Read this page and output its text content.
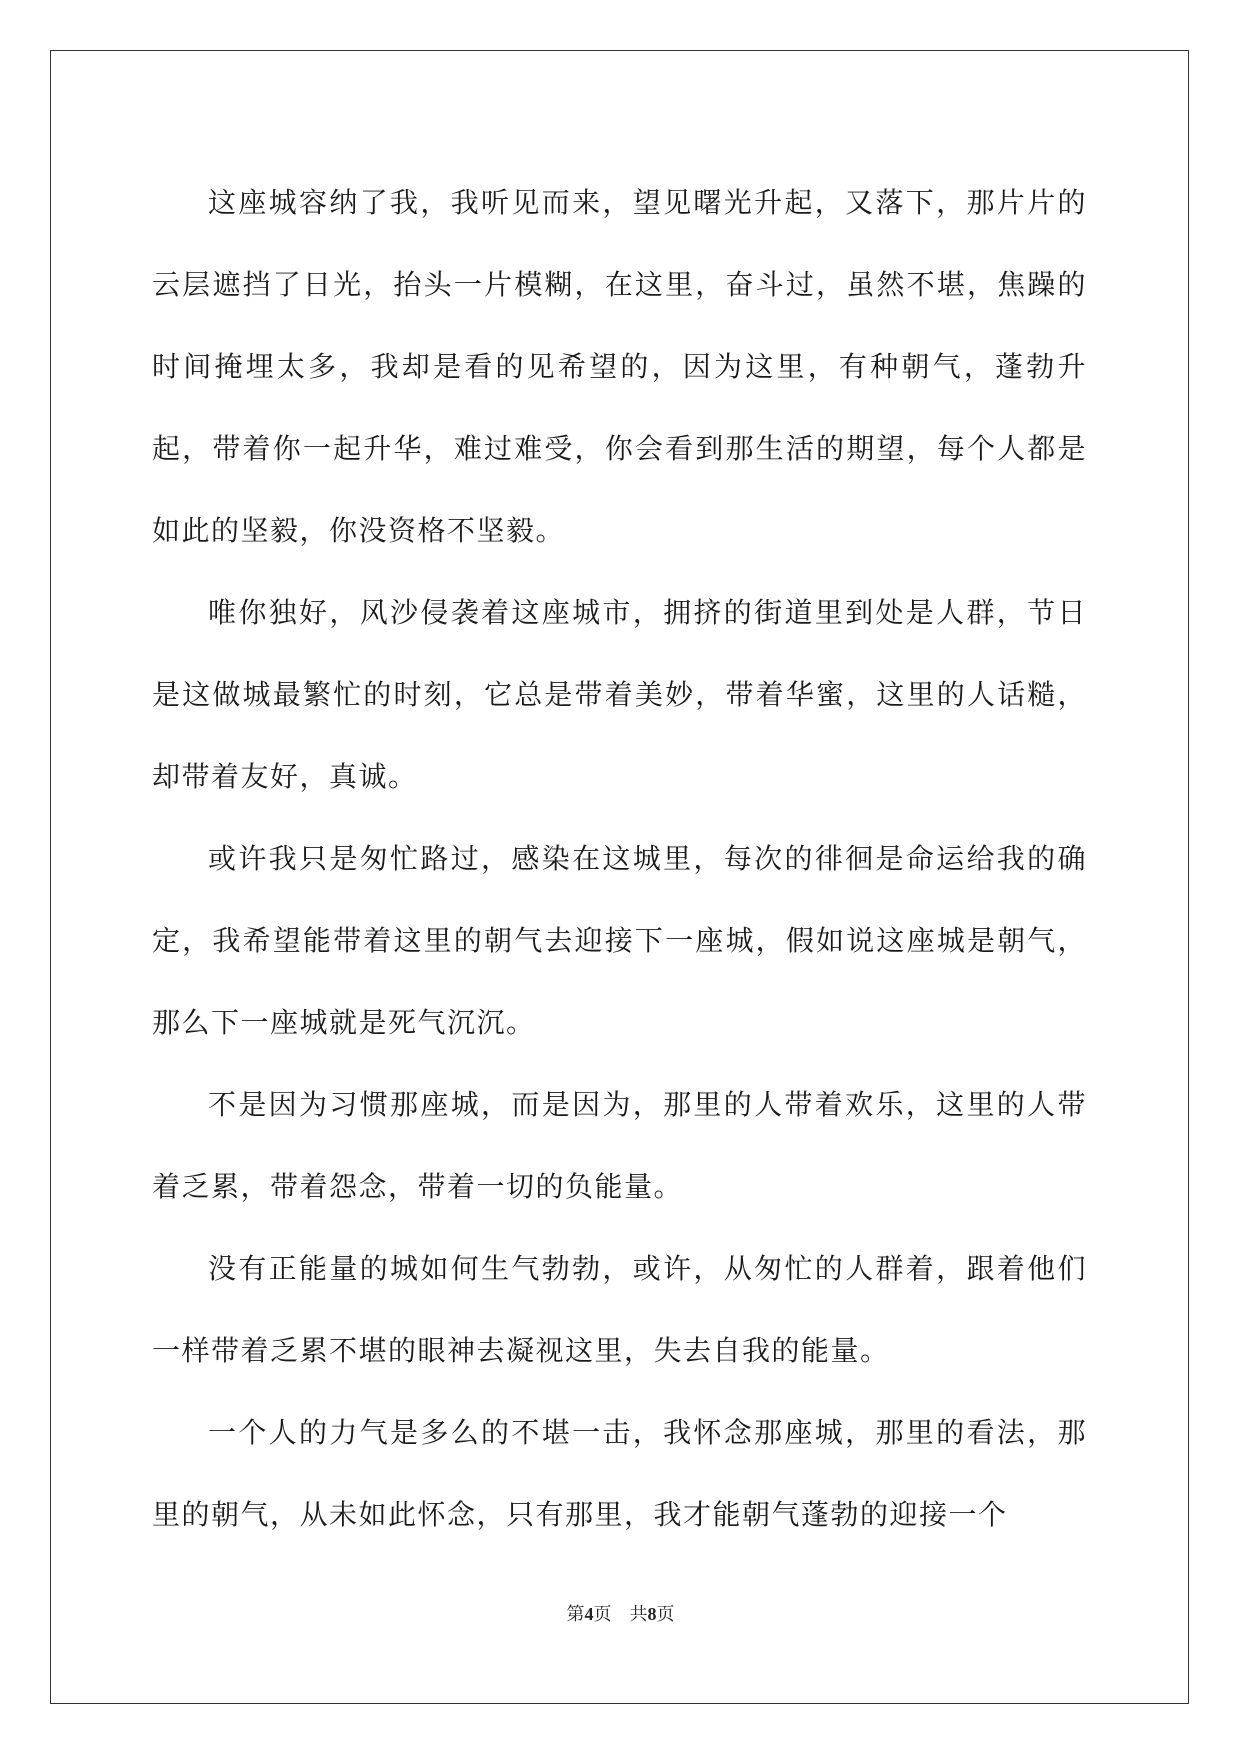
这座城容纳了我，我听见而来，望见曙光升起，又落下，那片片的云层遮挡了日光，抬头一片模糊，在这里，奋斗过，虽然不堪，焦躁的时间掩埋太多，我却是看的见希望的，因为这里，有种朝气，蓬勃升起，带着你一起升华，难过难受，你会看到那生活的期望，每个人都是如此的坚毅，你没资格不坚毅。

唯你独好，风沙侵袭着这座城市，拥挤的街道里到处是人群，节日是这做城最繁忙的时刻，它总是带着美妙，带着华蜜，这里的人话糙，却带着友好，真诚。

或许我只是匆忙路过，感染在这城里，每次的徘徊是命运给我的确定，我希望能带着这里的朝气去迎接下一座城，假如说这座城是朝气，那么下一座城就是死气沉沉。

不是因为习惯那座城，而是因为，那里的人带着欢乐，这里的人带着乏累，带着怨念，带着一切的负能量。

没有正能量的城如何生气勃勃，或许，从匆忙的人群着，跟着他们一样带着乏累不堪的眼神去凝视这里，失去自我的能量。

一个人的力气是多么的不堪一击，我怀念那座城，那里的看法，那里的朝气，从未如此怀念，只有那里，我才能朝气蓬勃的迎接一个

第4页 共8页
